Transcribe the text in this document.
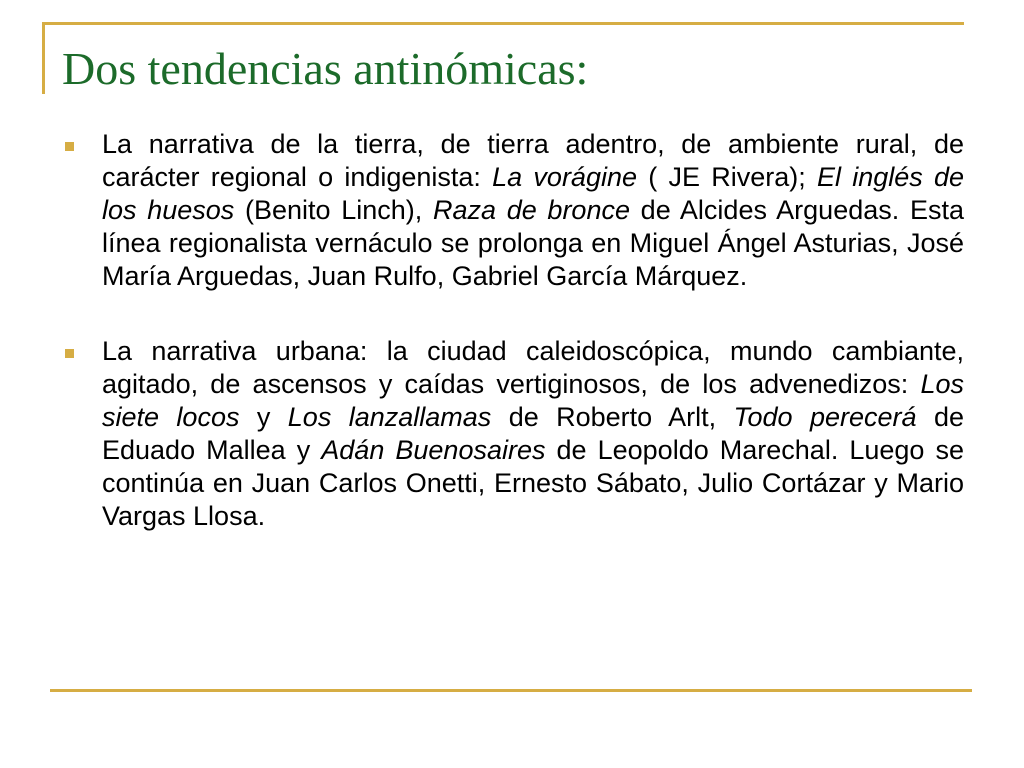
Dos tendencias antinómicas:
La narrativa de la tierra, de tierra adentro, de ambiente rural, de carácter regional o indigenista: La vorágine ( JE Rivera); El inglés de los huesos (Benito Linch), Raza de bronce de Alcides Arguedas. Esta línea regionalista vernáculo se prolonga en Miguel Ángel Asturias, José María Arguedas, Juan Rulfo, Gabriel García Márquez.
La narrativa urbana: la ciudad caleidoscópica, mundo cambiante, agitado, de ascensos y caídas vertiginosos, de los advenedizos: Los siete locos y Los lanzallamas de Roberto Arlt, Todo perecerá de Eduado Mallea y Adán Buenosaires de Leopoldo Marechal. Luego se continúa en Juan Carlos Onetti, Ernesto Sábato, Julio Cortázar y Mario Vargas Llosa.
